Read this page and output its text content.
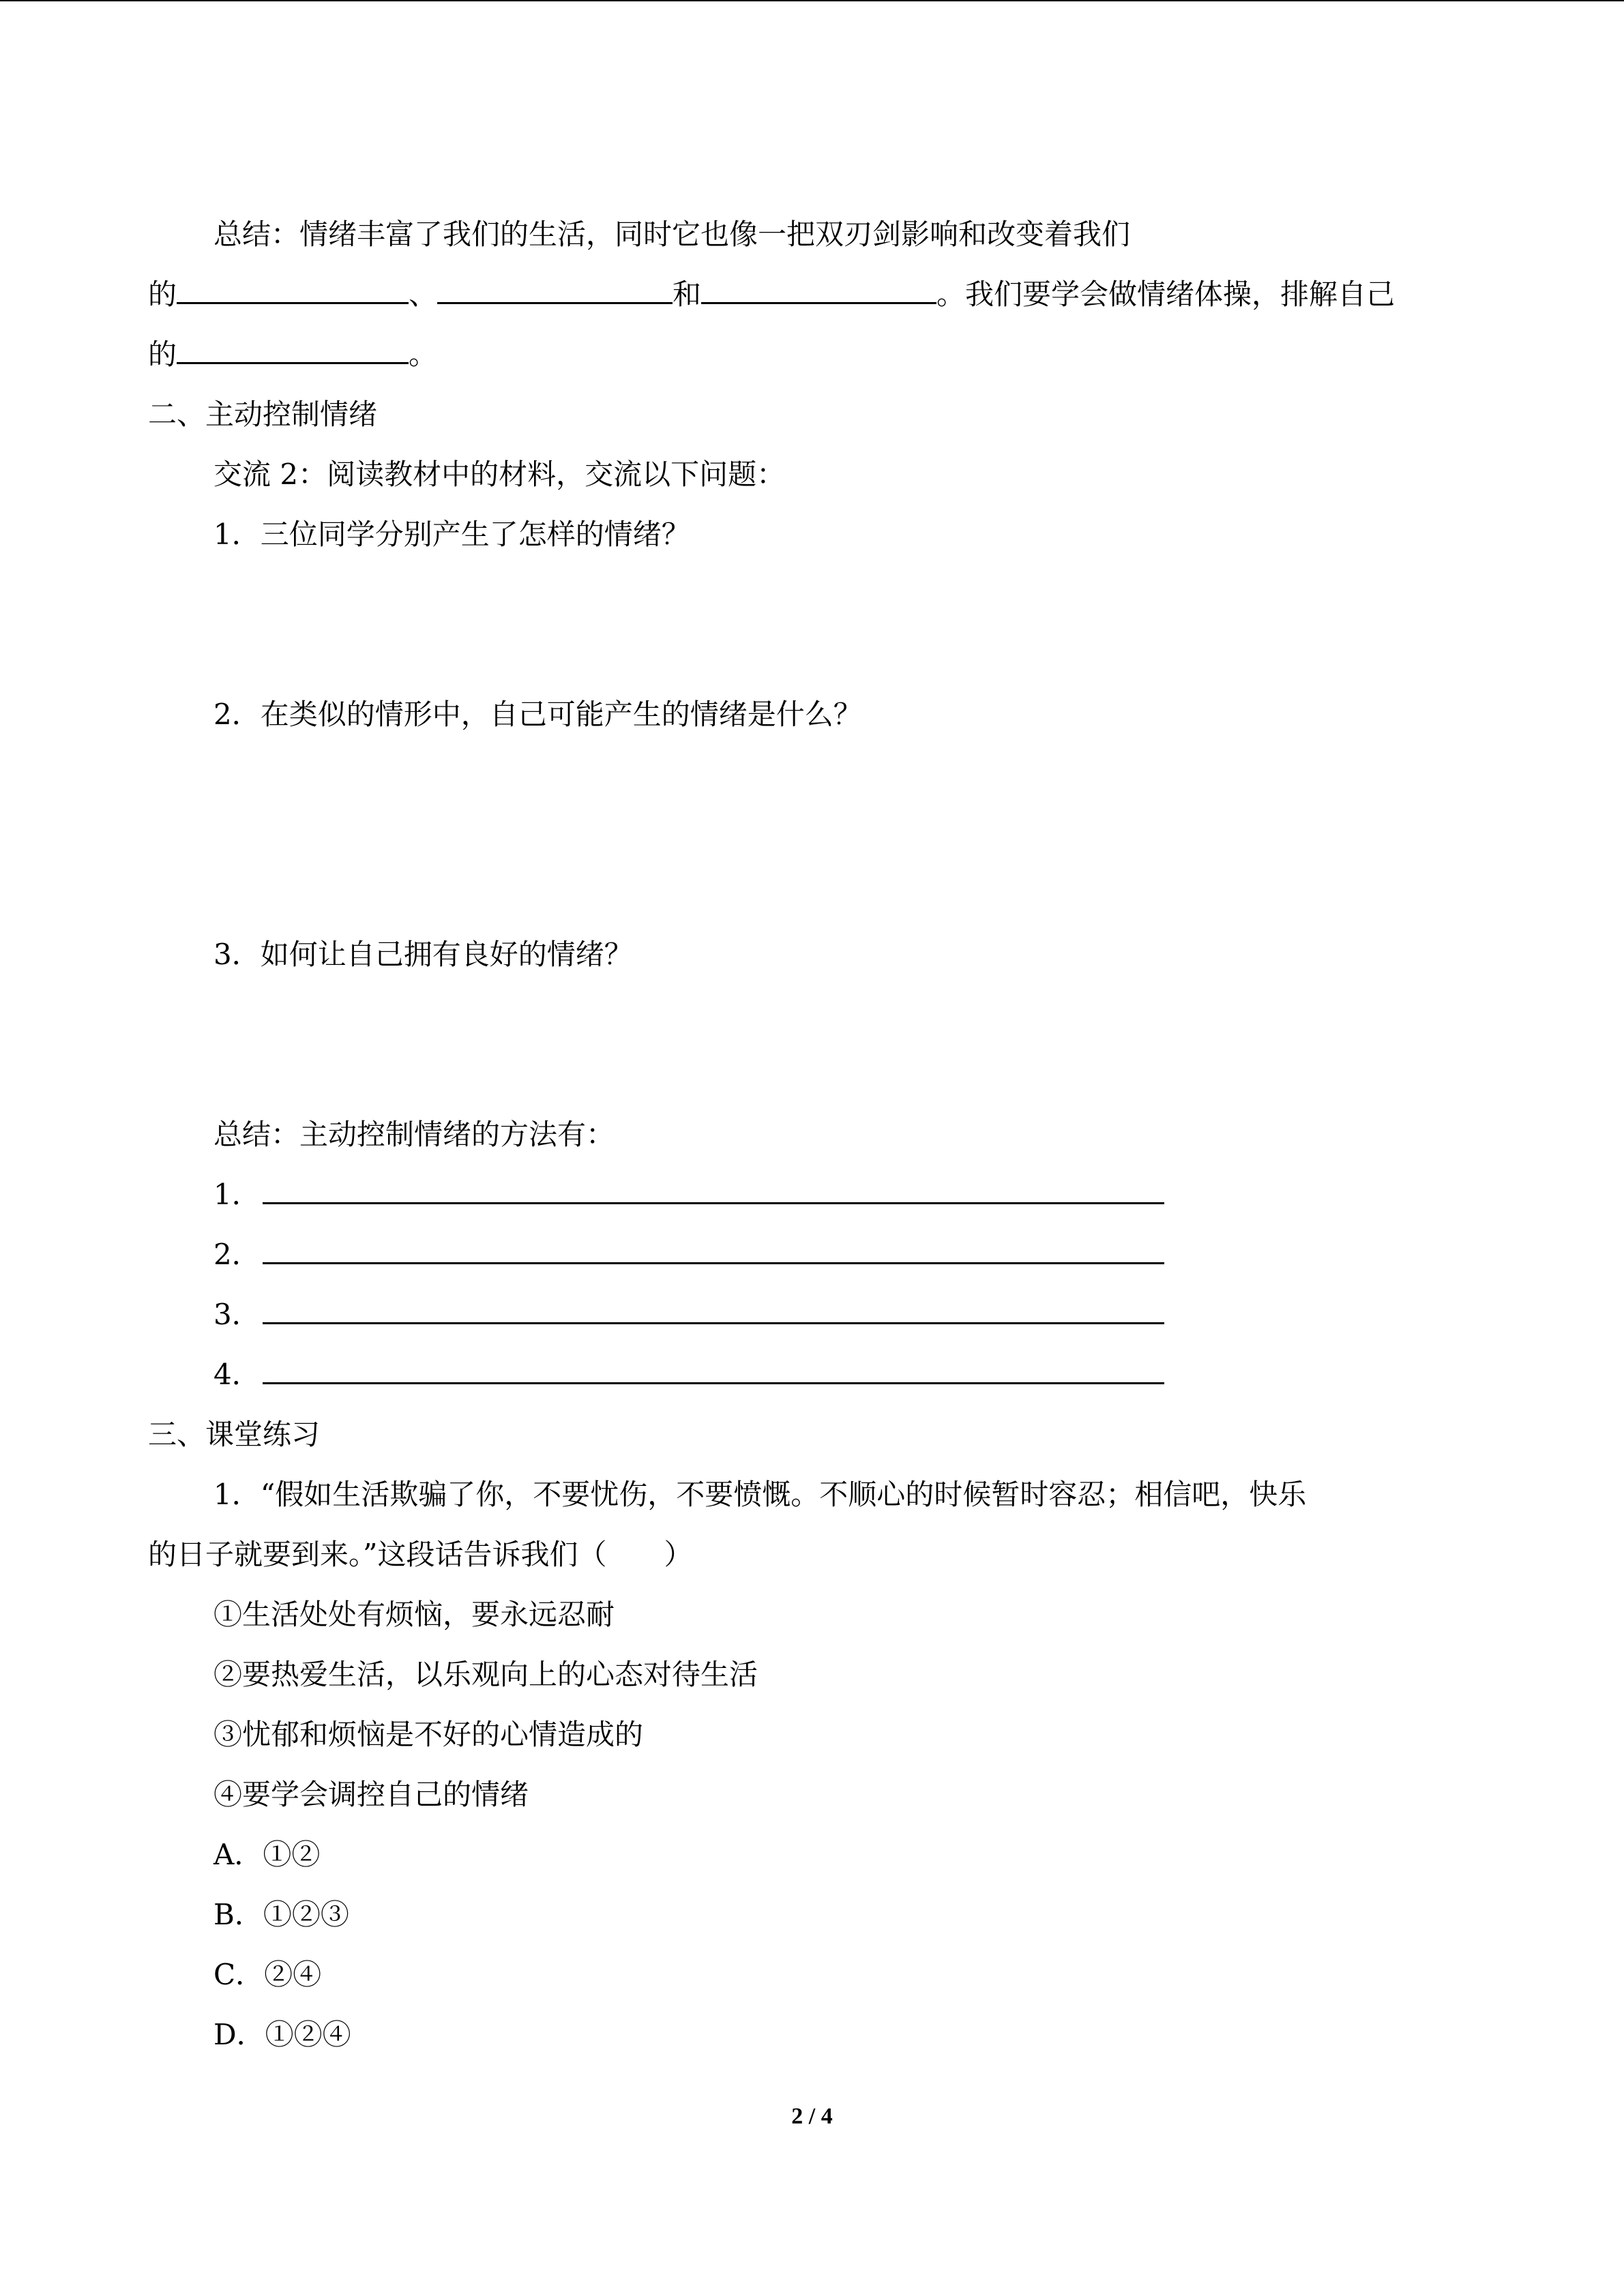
总结：情绪丰富了我们的生活，同时它也像一把双刃剑影响和改变着我们
的	、	和	。我们要学会做情绪体操，排解自己
的	。
二、主动控制情绪
交流 2：阅读教材中的材料，交流以下问题：
1．三位同学分别产生了怎样的情绪？
2．在类似的情形中，自己可能产生的情绪是什么？
3．如何让自己拥有良好的情绪？
总结：主动控制情绪的方法有：
1．
2．
3．
4．
三、课堂练习
1．“假如生活欺骗了你，不要忧伤，不要愤慨。不顺心的时候暂时容忍；相信吧，快乐
的日子就要到来。”这段话告诉我们（　　）
①生活处处有烦恼，要永远忍耐
②要热爱生活，以乐观向上的心态对待生活
③忧郁和烦恼是不好的心情造成的
④要学会调控自己的情绪
A．①②
B．①②③
C．②④
D．①②④
2 / 4
